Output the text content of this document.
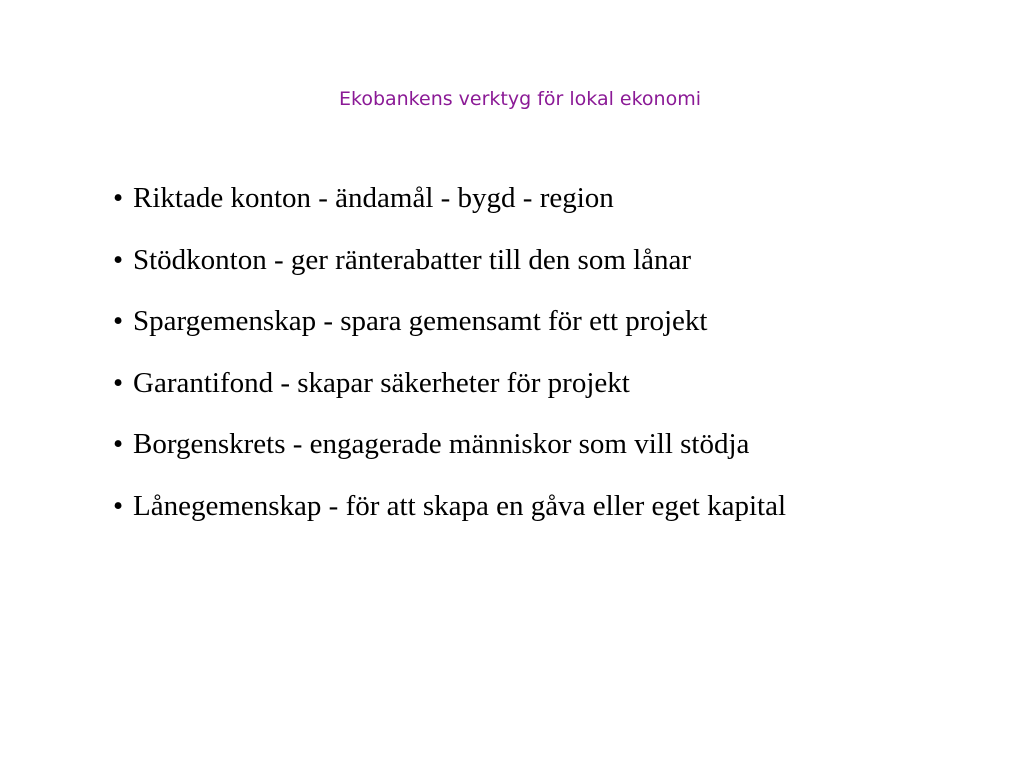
Ekobankens verktyg för lokal ekonomi
• Riktade konton - ändamål - bygd - region
• Stödkonton - ger ränterabatter till den som lånar
• Spargemenskap - spara gemensamt för ett projekt
• Garantifond - skapar säkerheter för projekt
• Borgenskrets - engagerade människor som vill stödja
• Lånegemenskap - för att skapa en gåva eller eget kapital
